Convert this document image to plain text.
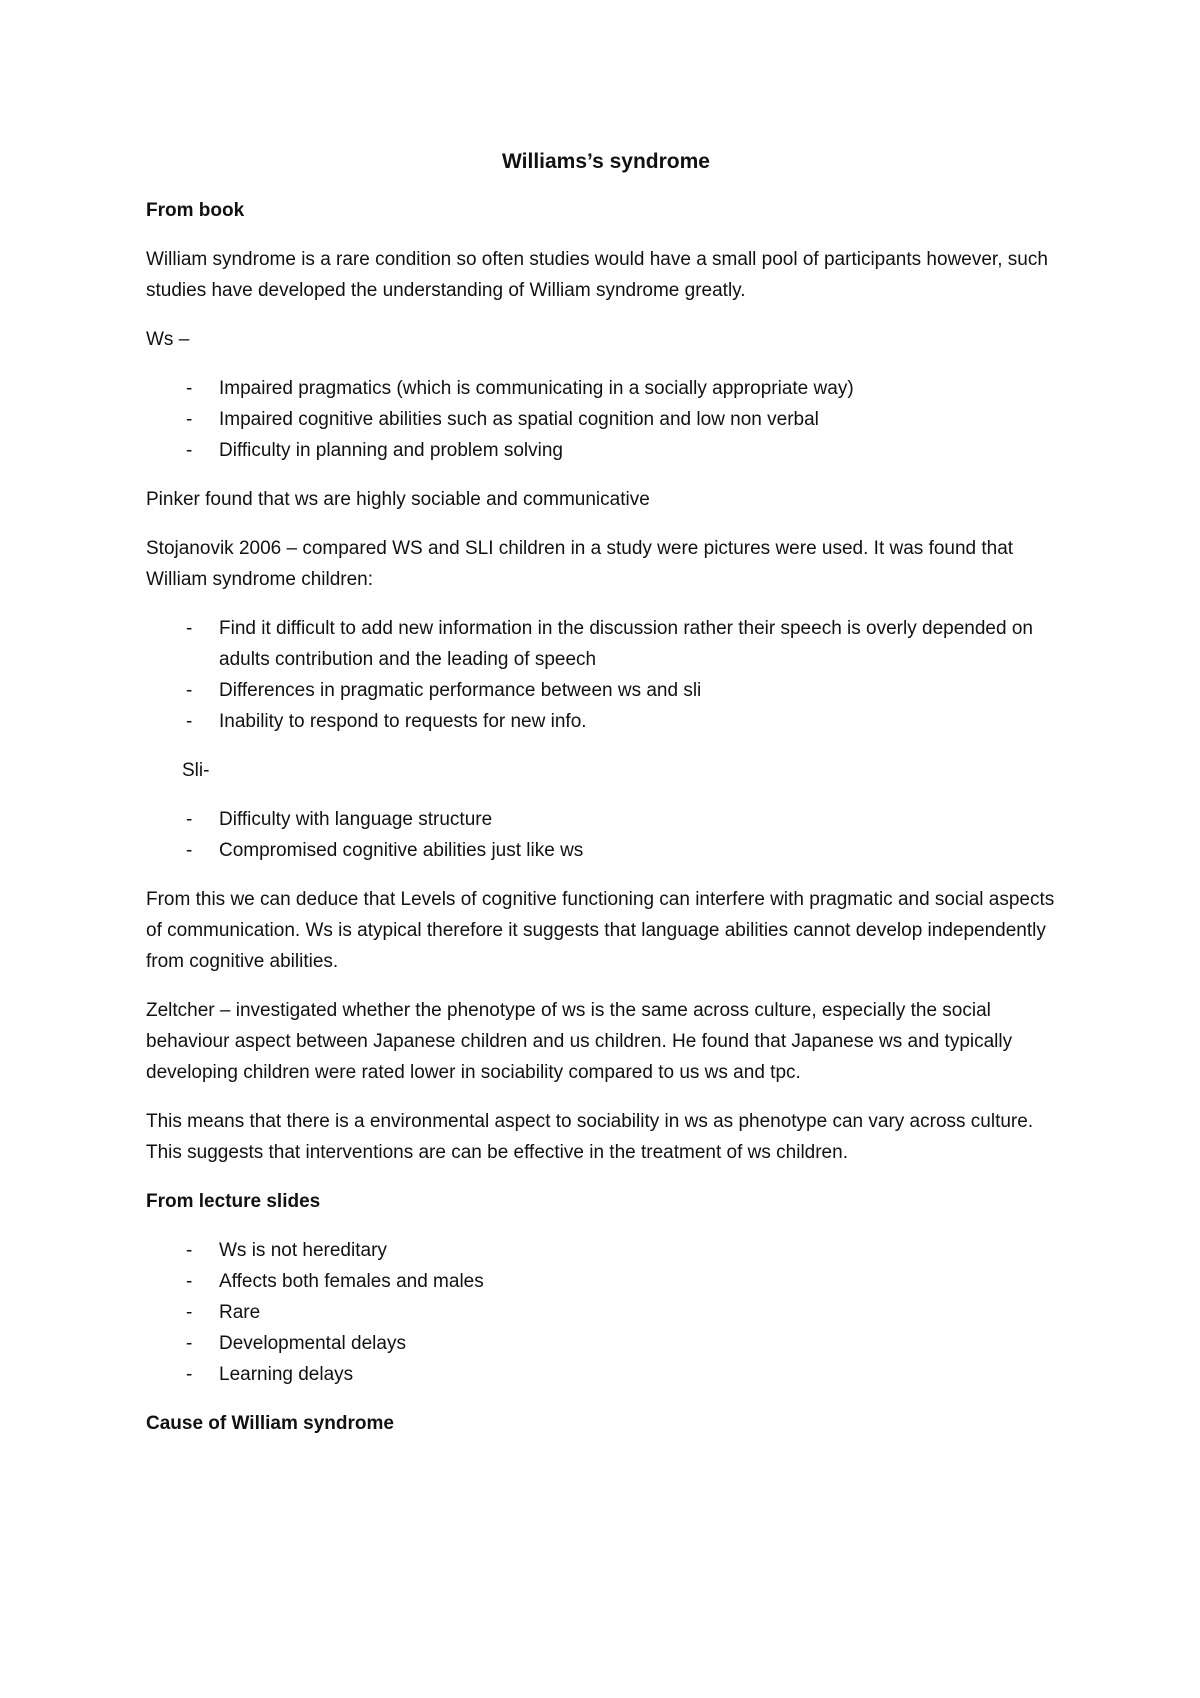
Williams’s syndrome
From book

William syndrome is a rare condition so often studies would have a small pool of participants however, such studies have developed the understanding of William syndrome greatly.

Ws –

- Impaired pragmatics (which is communicating in a socially appropriate way)
- Impaired cognitive abilities such as spatial cognition and low non verbal
- Difficulty in planning and problem solving

Pinker found that ws are highly sociable and communicative

Stojanovik 2006 – compared WS and SLI children in a study were pictures were used. It was found that William syndrome children:

- Find it difficult to add new information in the discussion rather their speech is overly depended on adults contribution and the leading of speech
- Differences in pragmatic performance between ws and sli
- Inability to respond to requests for new info.
Sli-
- Difficulty with language structure
- Compromised cognitive abilities just like ws

From this we can deduce that Levels of cognitive functioning can interfere with pragmatic and social aspects of communication. Ws is atypical therefore it suggests that language abilities cannot develop independently from cognitive abilities.

Zeltcher – investigated whether the phenotype of ws is the same across culture, especially the social behaviour aspect between Japanese children and us children. He found that Japanese ws and typically developing children were rated lower in sociability compared to us ws and tpc.

This means that there is a environmental aspect to sociability in ws as phenotype can vary across culture. This suggests that interventions are can be effective in the treatment of ws children.

From lecture slides
- Ws is not hereditary
- Affects both females and males
- Rare
- Developmental delays
- Learning delays
Cause of William syndrome
